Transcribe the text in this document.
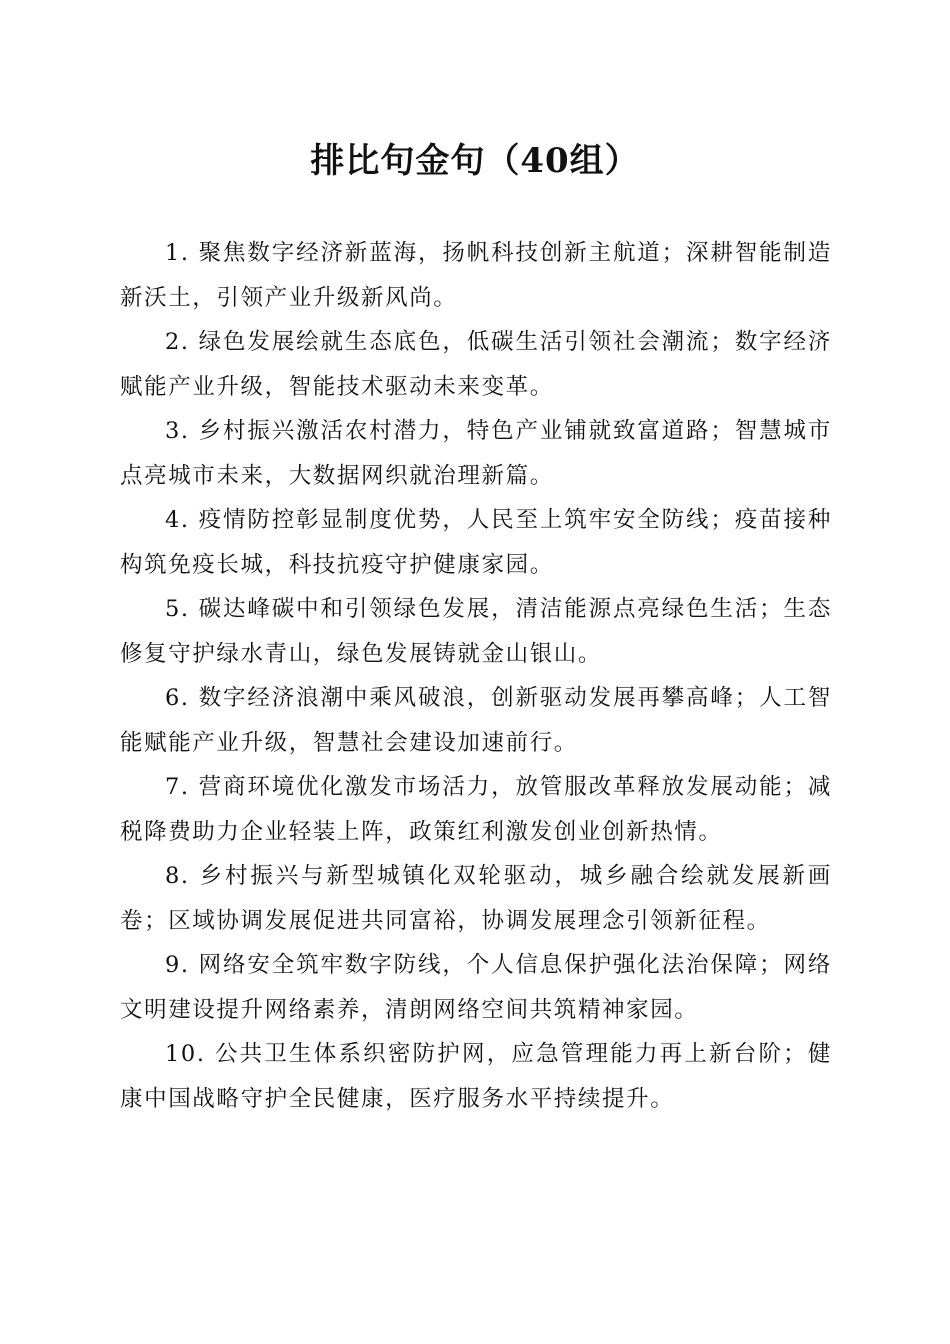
排比句金句（40组）

1. 聚焦数字经济新蓝海，扬帆科技创新主航道；深耕智能制造新沃土，引领产业升级新风尚。

2. 绿色发展绘就生态底色，低碳生活引领社会潮流；数字经济赋能产业升级，智能技术驱动未来变革。

3. 乡村振兴激活农村潜力，特色产业铺就致富道路；智慧城市点亮城市未来，大数据网织就治理新篇。

4. 疫情防控彰显制度优势，人民至上筑牢安全防线；疫苗接种构筑免疫长城，科技抗疫守护健康家园。

5. 碳达峰碳中和引领绿色发展，清洁能源点亮绿色生活；生态修复守护绿水青山，绿色发展铸就金山银山。

6. 数字经济浪潮中乘风破浪，创新驱动发展再攀高峰；人工智能赋能产业升级，智慧社会建设加速前行。

7. 营商环境优化激发市场活力，放管服改革释放发展动能；减税降费助力企业轻装上阵，政策红利激发创业创新热情。

8. 乡村振兴与新型城镇化双轮驱动，城乡融合绘就发展新画卷；区域协调发展促进共同富裕，协调发展理念引领新征程。

9. 网络安全筑牢数字防线，个人信息保护强化法治保障；网络文明建设提升网络素养，清朗网络空间共筑精神家园。

10. 公共卫生体系织密防护网，应急管理能力再上新台阶；健康中国战略守护全民健康，医疗服务水平持续提升。
